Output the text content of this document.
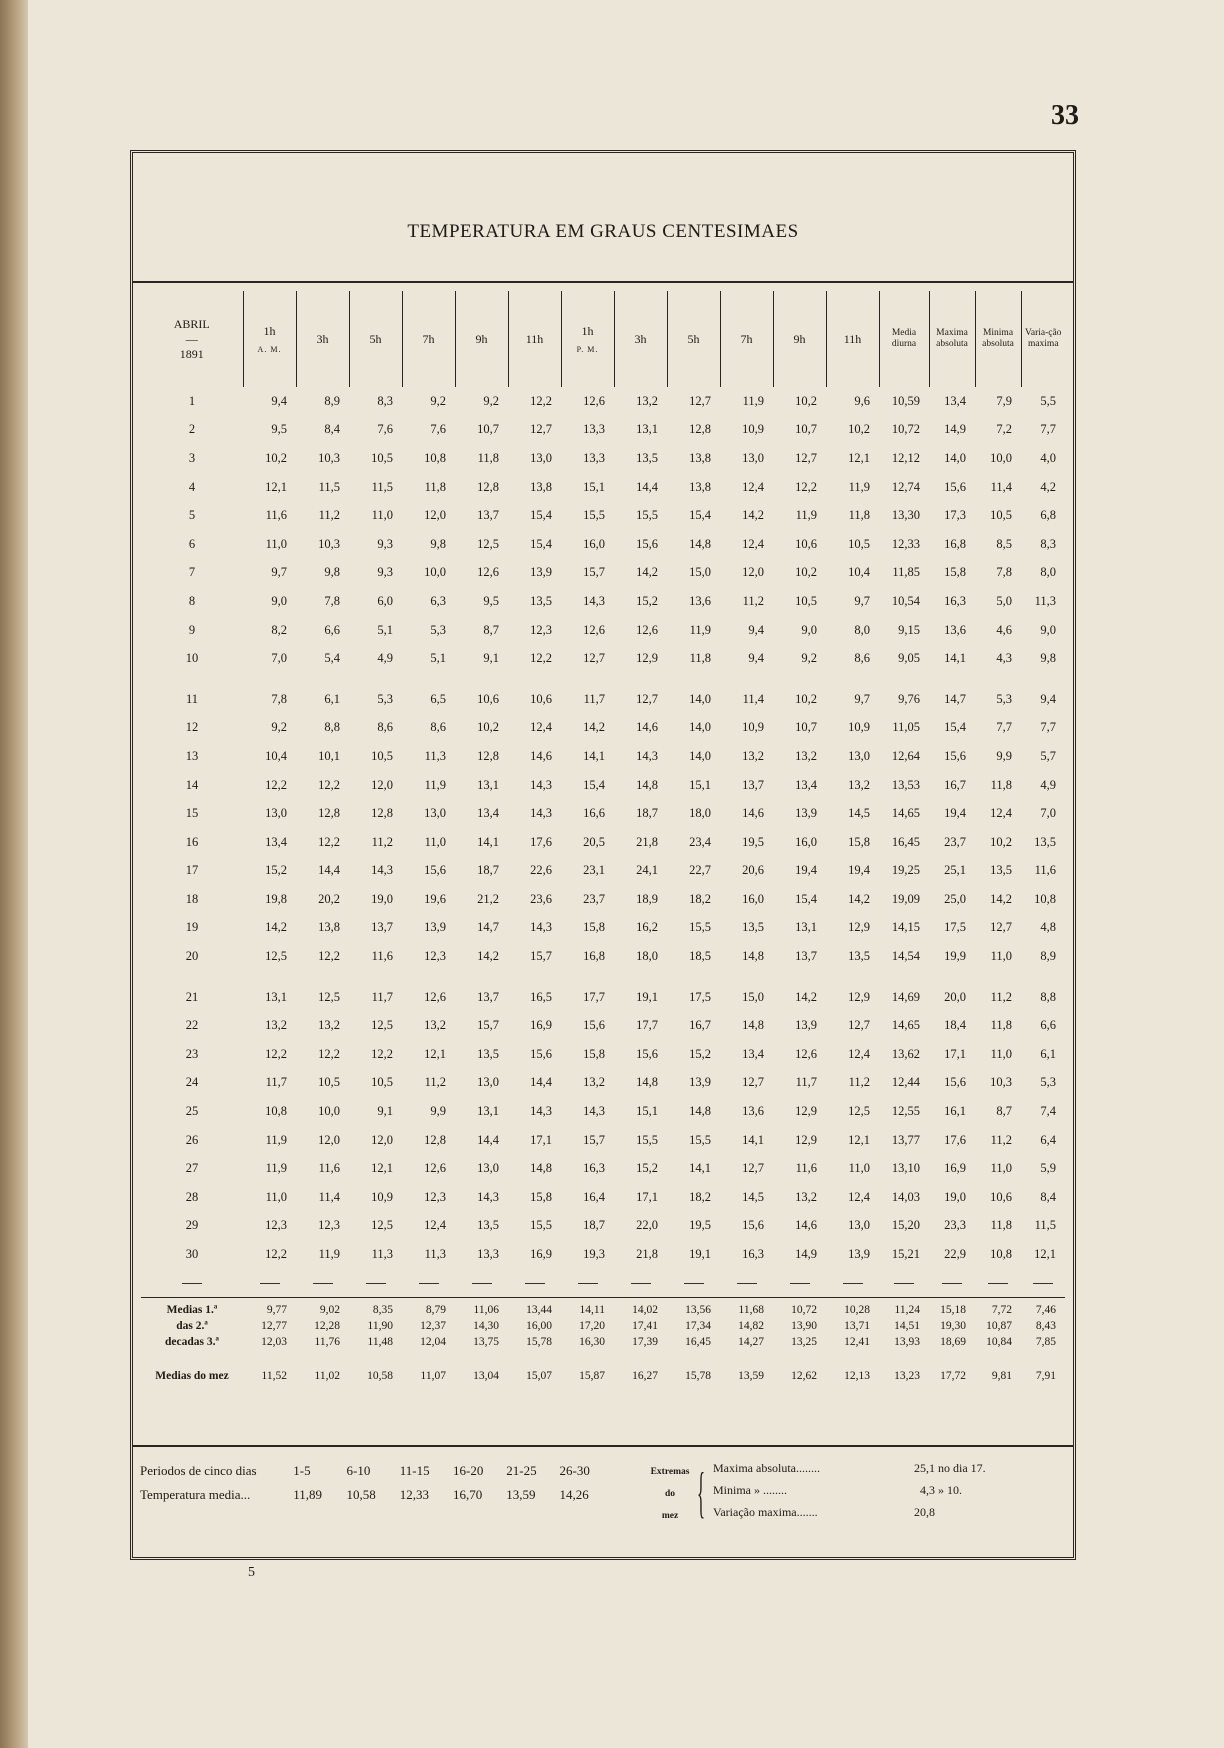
33
TEMPERATURA EM GRAUS CENTESIMAES
ABRIL
—
1891	1h
A. M.	3h	5h	7h	9h	11h	1h
P. M.	3h	5h	7h	9h	11h	Media diurna	Maxima absoluta	Minima absoluta	Varia-ção maxima
1	9,4	8,9	8,3	9,2	9,2	12,2	12,6	13,2	12,7	11,9	10,2	9,6	10,59	13,4	7,9	5,5
2	9,5	8,4	7,6	7,6	10,7	12,7	13,3	13,1	12,8	10,9	10,7	10,2	10,72	14,9	7,2	7,7
3	10,2	10,3	10,5	10,8	11,8	13,0	13,3	13,5	13,8	13,0	12,7	12,1	12,12	14,0	10,0	4,0
4	12,1	11,5	11,5	11,8	12,8	13,8	15,1	14,4	13,8	12,4	12,2	11,9	12,74	15,6	11,4	4,2
5	11,6	11,2	11,0	12,0	13,7	15,4	15,5	15,5	15,4	14,2	11,9	11,8	13,30	17,3	10,5	6,8
6	11,0	10,3	9,3	9,8	12,5	15,4	16,0	15,6	14,8	12,4	10,6	10,5	12,33	16,8	8,5	8,3
7	9,7	9,8	9,3	10,0	12,6	13,9	15,7	14,2	15,0	12,0	10,2	10,4	11,85	15,8	7,8	8,0
8	9,0	7,8	6,0	6,3	9,5	13,5	14,3	15,2	13,6	11,2	10,5	9,7	10,54	16,3	5,0	11,3
9	8,2	6,6	5,1	5,3	8,7	12,3	12,6	12,6	11,9	9,4	9,0	8,0	9,15	13,6	4,6	9,0
10	7,0	5,4	4,9	5,1	9,1	12,2	12,7	12,9	11,8	9,4	9,2	8,6	9,05	14,1	4,3	9,8

11	7,8	6,1	5,3	6,5	10,6	10,6	11,7	12,7	14,0	11,4	10,2	9,7	9,76	14,7	5,3	9,4
12	9,2	8,8	8,6	8,6	10,2	12,4	14,2	14,6	14,0	10,9	10,7	10,9	11,05	15,4	7,7	7,7
13	10,4	10,1	10,5	11,3	12,8	14,6	14,1	14,3	14,0	13,2	13,2	13,0	12,64	15,6	9,9	5,7
14	12,2	12,2	12,0	11,9	13,1	14,3	15,4	14,8	15,1	13,7	13,4	13,2	13,53	16,7	11,8	4,9
15	13,0	12,8	12,8	13,0	13,4	14,3	16,6	18,7	18,0	14,6	13,9	14,5	14,65	19,4	12,4	7,0
16	13,4	12,2	11,2	11,0	14,1	17,6	20,5	21,8	23,4	19,5	16,0	15,8	16,45	23,7	10,2	13,5
17	15,2	14,4	14,3	15,6	18,7	22,6	23,1	24,1	22,7	20,6	19,4	19,4	19,25	25,1	13,5	11,6
18	19,8	20,2	19,0	19,6	21,2	23,6	23,7	18,9	18,2	16,0	15,4	14,2	19,09	25,0	14,2	10,8
19	14,2	13,8	13,7	13,9	14,7	14,3	15,8	16,2	15,5	13,5	13,1	12,9	14,15	17,5	12,7	4,8
20	12,5	12,2	11,6	12,3	14,2	15,7	16,8	18,0	18,5	14,8	13,7	13,5	14,54	19,9	11,0	8,9

21	13,1	12,5	11,7	12,6	13,7	16,5	17,7	19,1	17,5	15,0	14,2	12,9	14,69	20,0	11,2	8,8
22	13,2	13,2	12,5	13,2	15,7	16,9	15,6	17,7	16,7	14,8	13,9	12,7	14,65	18,4	11,8	6,6
23	12,2	12,2	12,2	12,1	13,5	15,6	15,8	15,6	15,2	13,4	12,6	12,4	13,62	17,1	11,0	6,1
24	11,7	10,5	10,5	11,2	13,0	14,4	13,2	14,8	13,9	12,7	11,7	11,2	12,44	15,6	10,3	5,3
25	10,8	10,0	9,1	9,9	13,1	14,3	14,3	15,1	14,8	13,6	12,9	12,5	12,55	16,1	8,7	7,4
26	11,9	12,0	12,0	12,8	14,4	17,1	15,7	15,5	15,5	14,1	12,9	12,1	13,77	17,6	11,2	6,4
27	11,9	11,6	12,1	12,6	13,0	14,8	16,3	15,2	14,1	12,7	11,6	11,0	13,10	16,9	11,0	5,9
28	11,0	11,4	10,9	12,3	14,3	15,8	16,4	17,1	18,2	14,5	13,2	12,4	14,03	19,0	10,6	8,4
29	12,3	12,3	12,5	12,4	13,5	15,5	18,7	22,0	19,5	15,6	14,6	13,0	15,20	23,3	11,8	11,5
30	12,2	11,9	11,3	11,3	13,3	16,9	19,3	21,8	19,1	16,3	14,9	13,9	15,21	22,9	10,8	12,1

Medias 1.ª	9,77	9,02	8,35	8,79	11,06	13,44	14,11	14,02	13,56	11,68	10,72	10,28	11,24	15,18	7,72	7,46
das 2.ª	12,77	12,28	11,90	12,37	14,30	16,00	17,20	17,41	17,34	14,82	13,90	13,71	14,51	19,30	10,87	8,43
decadas 3.ª	12,03	11,76	11,48	12,04	13,75	15,78	16,30	17,39	16,45	14,27	13,25	12,41	13,93	18,69	10,84	7,85

Medias do mez	11,52	11,02	10,58	11,07	13,04	15,07	15,87	16,27	15,78	13,59	12,62	12,13	13,23	17,72	9,81	7,91
Periodos de cinco dias	1-5	6-10 11-15 16-20 21-25 26-30
Temperatura media...	11,89 10,58 12,33 16,70 13,59 14,26
Extremas
do
mez { Maxima absoluta........	25,1 no dia 17.
Minima » ........	4,3 » 10.
Variação maxima.......	20,8
5
